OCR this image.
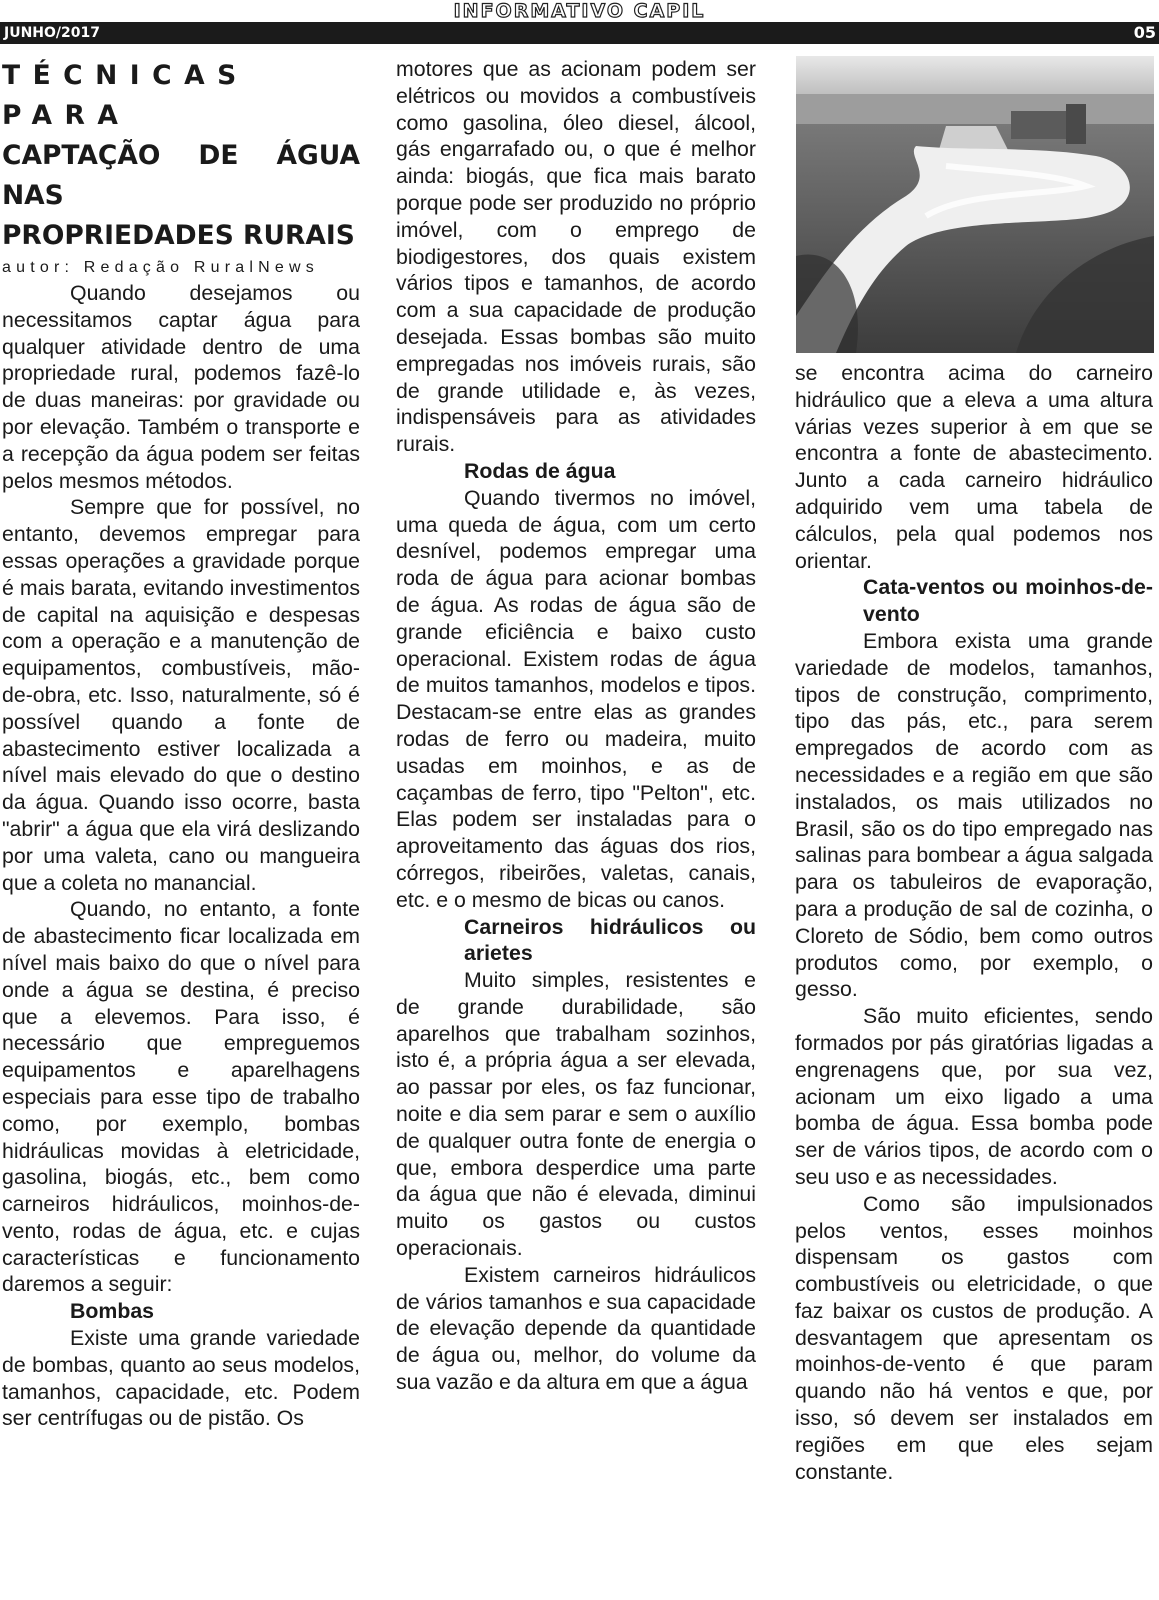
INFORMATIVO CAPIL
JUNHO/2017	05

TÉCNICAS PARA

CAPTAÇÃO DE ÁGUA NAS

PROPRIEDADES RURAIS

autor: Redação RuralNews

Quando desejamos ou necessitamos captar água para qualquer atividade dentro de uma propriedade rural, podemos fazê-lo de duas maneiras: por gravidade ou por elevação. Também o transporte e a recepção da água podem ser feitas pelos mesmos métodos.

Sempre que for possível, no entanto, devemos empregar para essas operações a gravidade porque é mais barata, evitando investimentos de capital na aquisição e despesas com a operação e a manutenção de equipamentos, combustíveis, mão-de-obra, etc. Isso, naturalmente, só é possível quando a fonte de abastecimento estiver localizada a nível mais elevado do que o destino da água. Quando isso ocorre, basta "abrir" a água que ela virá deslizando por uma valeta, cano ou mangueira que a coleta no manancial.

Quando, no entanto, a fonte de abastecimento ficar localizada em nível mais baixo do que o nível para onde a água se destina, é preciso que a elevemos. Para isso, é necessário que empreguemos equipamentos e aparelhagens especiais para esse tipo de trabalho como, por exemplo, bombas hidráulicas movidas à eletricidade, gasolina, biogás, etc., bem como carneiros hidráulicos, moinhos-de-vento, rodas de água, etc. e cujas características e funcionamento daremos a seguir:

Bombas

Existe uma grande variedade de bombas, quanto ao seus modelos, tamanhos, capacidade, etc. Podem ser centrífugas ou de pistão. Os

motores que as acionam podem ser elétricos ou movidos a combustíveis como gasolina, óleo diesel, álcool, gás engarrafado ou, o que é melhor ainda: biogás, que fica mais barato porque pode ser produzido no próprio imóvel, com o emprego de biodigestores, dos quais existem vários tipos e tamanhos, de acordo com a sua capacidade de produção desejada. Essas bombas são muito empregadas nos imóveis rurais, são de grande utilidade e, às vezes, indispensáveis para as atividades rurais.

Rodas de água

Quando tivermos no imóvel, uma queda de água, com um certo desnível, podemos empregar uma roda de água para acionar bombas de água. As rodas de água são de grande eficiência e baixo custo operacional. Existem rodas de água de muitos tamanhos, modelos e tipos. Destacam-se entre elas as grandes rodas de ferro ou madeira, muito usadas em moinhos, e as de caçambas de ferro, tipo "Pelton", etc. Elas podem ser instaladas para o aproveitamento das águas dos rios, córregos, ribeirões, valetas, canais, etc. e o mesmo de bicas ou canos.

Carneiros hidráulicos ou arietes

Muito simples, resistentes e de grande durabilidade, são aparelhos que trabalham sozinhos, isto é, a própria água a ser elevada, ao passar por eles, os faz funcionar, noite e dia sem parar e sem o auxílio de qualquer outra fonte de energia o que, embora desperdice uma parte da água que não é elevada, diminui muito os gastos ou custos operacionais.

Existem carneiros hidráulicos de vários tamanhos e sua capacidade de elevação depende da quantidade de água ou, melhor, do volume da sua vazão e da altura em que a água

se encontra acima do carneiro hidráulico que a eleva a uma altura várias vezes superior à em que se encontra a fonte de abastecimento. Junto a cada carneiro hidráulico adquirido vem uma tabela de cálculos, pela qual podemos nos orientar.

Cata-ventos ou moinhos-de-vento

Embora exista uma grande variedade de modelos, tamanhos, tipos de construção, comprimento, tipo das pás, etc., para serem empregados de acordo com as necessidades e a região em que são instalados, os mais utilizados no Brasil, são os do tipo empregado nas salinas para bombear a água salgada para os tabuleiros de evaporação, para a produção de sal de cozinha, o Cloreto de Sódio, bem como outros produtos como, por exemplo, o gesso.

São muito eficientes, sendo formados por pás giratórias ligadas a engrenagens que, por sua vez, acionam um eixo ligado a uma bomba de água. Essa bomba pode ser de vários tipos, de acordo com o seu uso e as necessidades.

Como são impulsionados pelos ventos, esses moinhos dispensam os gastos com combustíveis ou eletricidade, o que faz baixar os custos de produção. A desvantagem que apresentam os moinhos-de-vento é que param quando não há ventos e que, por isso, só devem ser instalados em regiões em que eles sejam constante.
